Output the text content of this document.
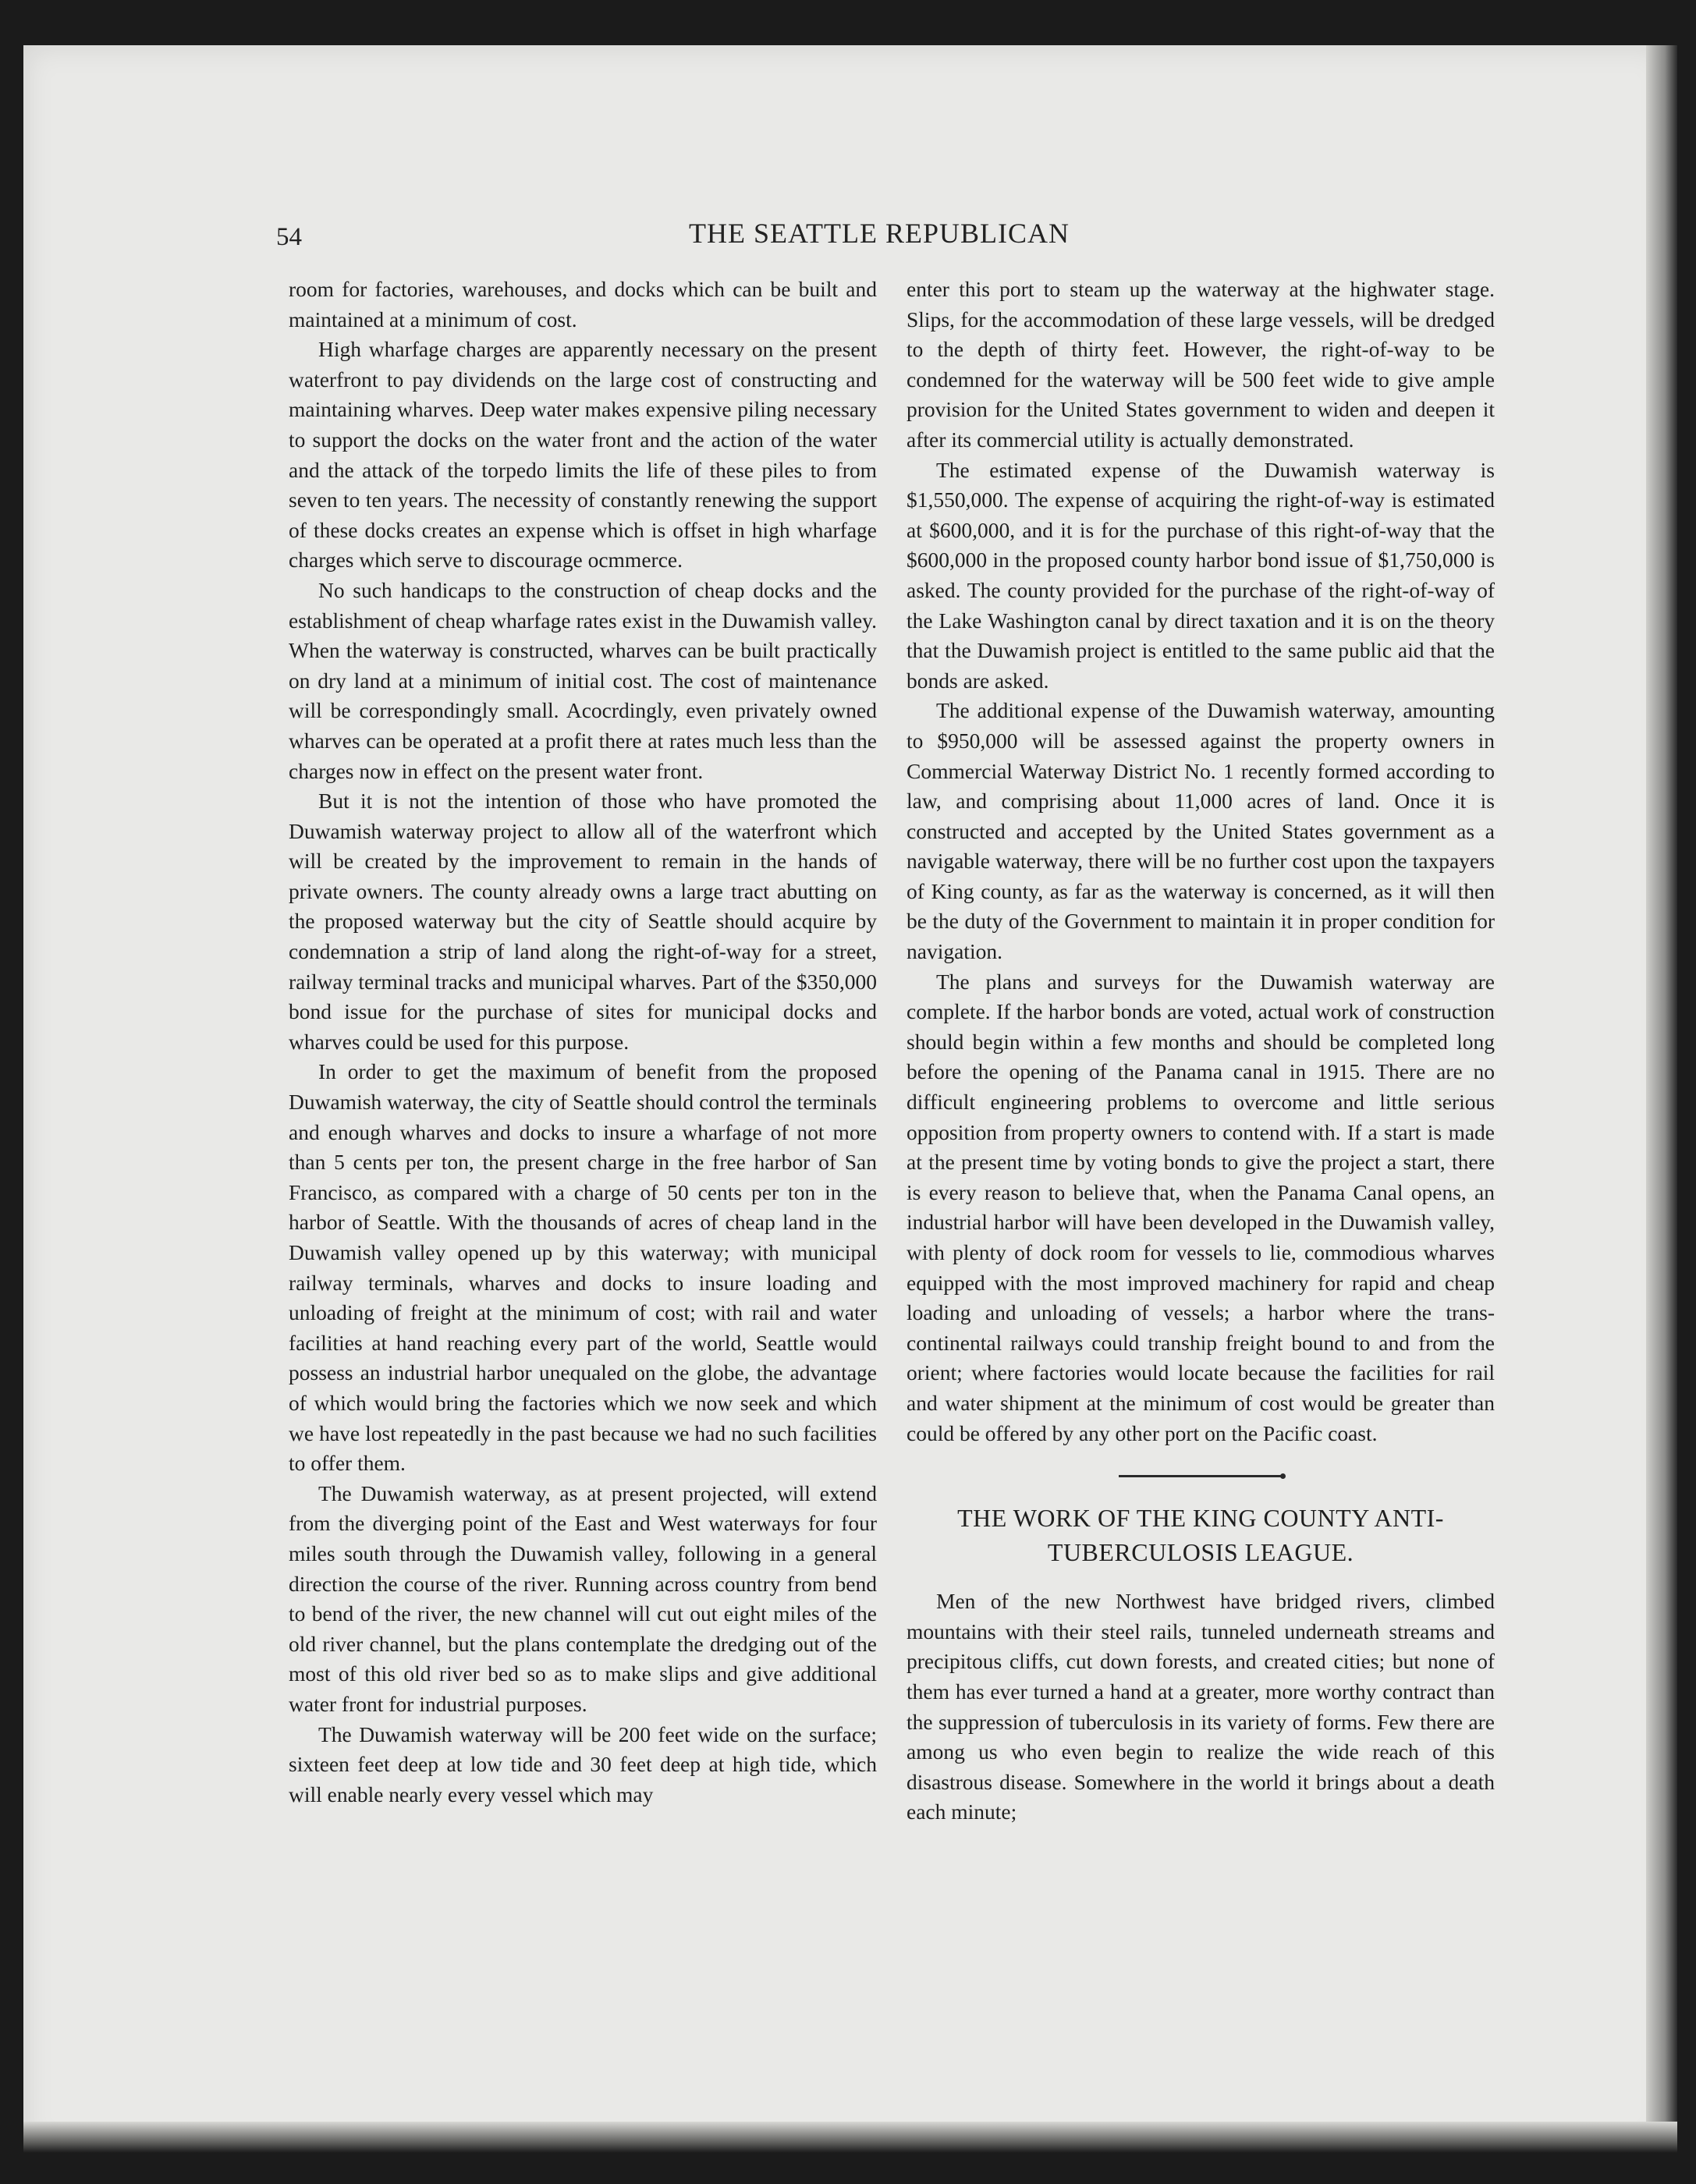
54	THE SEATTLE REPUBLICAN

room for factories, warehouses, and docks which can be built and maintained at a minimum of cost.

High wharfage charges are apparently necessary on the present waterfront to pay dividends on the large cost of constructing and maintaining wharves. Deep water makes expensive piling necessary to support the docks on the water front and the action of the water and the attack of the torpedo limits the life of these piles to from seven to ten years. The necessity of constantly renewing the support of these docks creates an expense which is offset in high wharfage charges which serve to discourage ocmmerce.

No such handicaps to the construction of cheap docks and the establishment of cheap wharfage rates exist in the Duwamish valley. When the waterway is constructed, wharves can be built practically on dry land at a minimum of initial cost. The cost of maintenance will be correspondingly small. Acocrdingly, even privately owned wharves can be operated at a profit there at rates much less than the charges now in effect on the present water front.

But it is not the intention of those who have promoted the Duwamish waterway project to allow all of the waterfront which will be created by the improvement to remain in the hands of private owners. The county already owns a large tract abutting on the proposed waterway but the city of Seattle should acquire by condemnation a strip of land along the right-of-way for a street, railway terminal tracks and municipal wharves. Part of the $350,000 bond issue for the purchase of sites for municipal docks and wharves could be used for this purpose.

In order to get the maximum of benefit from the proposed Duwamish waterway, the city of Seattle should control the terminals and enough wharves and docks to insure a wharfage of not more than 5 cents per ton, the present charge in the free harbor of San Francisco, as compared with a charge of 50 cents per ton in the harbor of Seattle. With the thousands of acres of cheap land in the Duwamish valley opened up by this waterway; with municipal railway terminals, wharves and docks to insure loading and unloading of freight at the minimum of cost; with rail and water facilities at hand reaching every part of the world, Seattle would possess an industrial harbor unequaled on the globe, the advantage of which would bring the factories which we now seek and which we have lost repeatedly in the past because we had no such facilities to offer them.

The Duwamish waterway, as at present projected, will extend from the diverging point of the East and West waterways for four miles south through the Duwamish valley, following in a general direction the course of the river. Running across country from bend to bend of the river, the new channel will cut out eight miles of the old river channel, but the plans contemplate the dredging out of the most of this old river bed so as to make slips and give additional water front for industrial purposes.

The Duwamish waterway will be 200 feet wide on the surface; sixteen feet deep at low tide and 30 feet deep at high tide, which will enable nearly every vessel which may

enter this port to steam up the waterway at the highwater stage. Slips, for the accommodation of these large vessels, will be dredged to the depth of thirty feet. However, the right-of-way to be condemned for the waterway will be 500 feet wide to give ample provision for the United States government to widen and deepen it after its commercial utility is actually demonstrated.

The estimated expense of the Duwamish waterway is $1,550,000. The expense of acquiring the right-of-way is estimated at $600,000, and it is for the purchase of this right-of-way that the $600,000 in the proposed county harbor bond issue of $1,750,000 is asked. The county provided for the purchase of the right-of-way of the Lake Washington canal by direct taxation and it is on the theory that the Duwamish project is entitled to the same public aid that the bonds are asked.

The additional expense of the Duwamish waterway, amounting to $950,000 will be assessed against the property owners in Commercial Waterway District No. 1 recently formed according to law, and comprising about 11,000 acres of land. Once it is constructed and accepted by the United States government as a navigable waterway, there will be no further cost upon the taxpayers of King county, as far as the waterway is concerned, as it will then be the duty of the Government to maintain it in proper condition for navigation.

The plans and surveys for the Duwamish waterway are complete. If the harbor bonds are voted, actual work of construction should begin within a few months and should be completed long before the opening of the Panama canal in 1915. There are no difficult engineering problems to overcome and little serious opposition from property owners to contend with. If a start is made at the present time by voting bonds to give the project a start, there is every reason to believe that, when the Panama Canal opens, an industrial harbor will have been developed in the Duwamish valley, with plenty of dock room for vessels to lie, commodious wharves equipped with the most improved machinery for rapid and cheap loading and unloading of vessels; a harbor where the trans-continental railways could tranship freight bound to and from the orient; where factories would locate because the facilities for rail and water shipment at the minimum of cost would be greater than could be offered by any other port on the Pacific coast.

THE WORK OF THE KING COUNTY ANTI-TUBERCULOSIS LEAGUE.

Men of the new Northwest have bridged rivers, climbed mountains with their steel rails, tunneled underneath streams and precipitous cliffs, cut down forests, and created cities; but none of them has ever turned a hand at a greater, more worthy contract than the suppression of tuberculosis in its variety of forms. Few there are among us who even begin to realize the wide reach of this disastrous disease. Somewhere in the world it brings about a death each minute;
